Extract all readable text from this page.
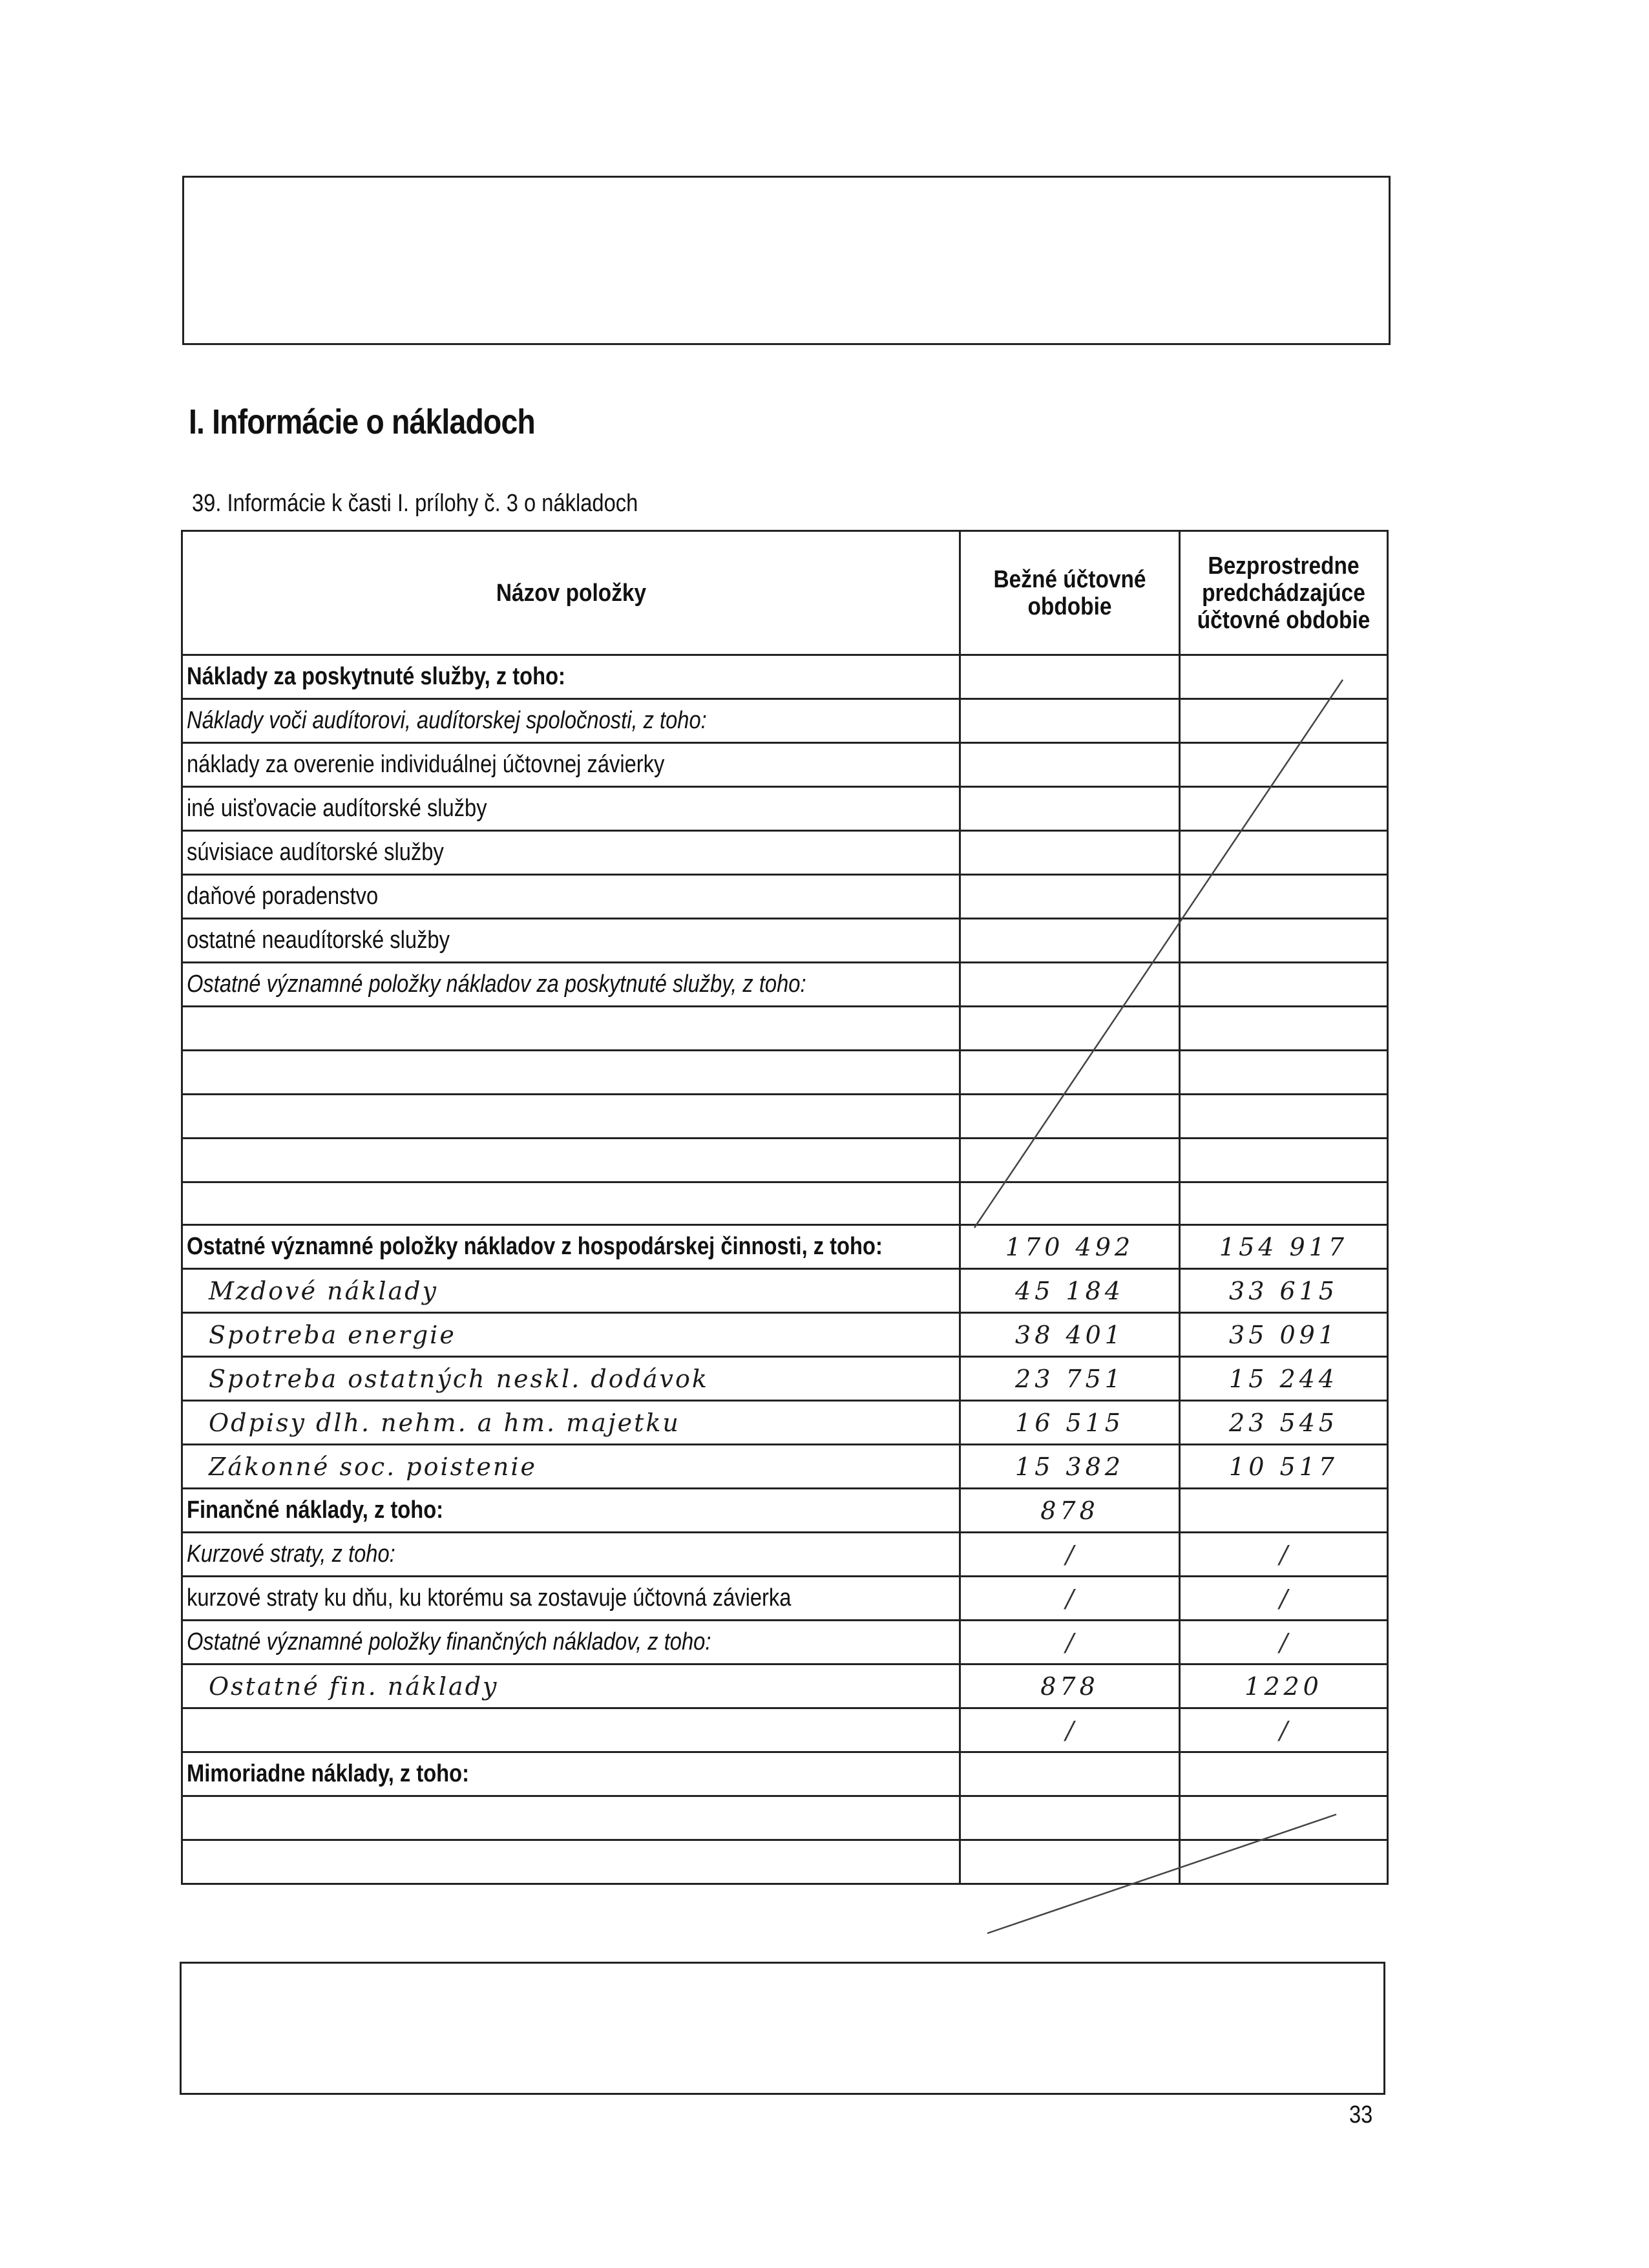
I. Informácie o nákladoch
39. Informácie k časti I. prílohy č. 3 o nákladoch
Názov položky	Bežné účtovné obdobie	Bezprostredne predchádzajúce účtovné obdobie
Náklady za poskytnuté služby, z toho:		
Náklady voči audítorovi, audítorskej spoločnosti, z toho:		
náklady za overenie individuálnej účtovnej závierky		
iné uisťovacie audítorské služby		
súvisiace audítorské služby		
daňové poradenstvo		
ostatné neaudítorské služby		
Ostatné významné položky nákladov za poskytnuté služby, z toho:		

Ostatné významné položky nákladov z hospodárskej činnosti, z toho:	170 492	154 917
Mzdové náklady	45 184	33 615
Spotreba energie	38 401	35 091
Spotreba ostatných neskl. dodávok	23 751	15 244
Odpisy dlh. nehm. a hm. majetku	16 515	23 545
Zákonné soc. poistenie	15 382	10 517
Finančné náklady, z toho:	878	
Kurzové straty, z toho:	/	/
kurzové straty ku dňu, ku ktorému sa zostavuje účtovná závierka	/	/
Ostatné významné položky finančných nákladov, z toho:	/	/
Ostatné fin. náklady	878	1220
	/	/
Mimoriadne náklady, z toho:		

33
